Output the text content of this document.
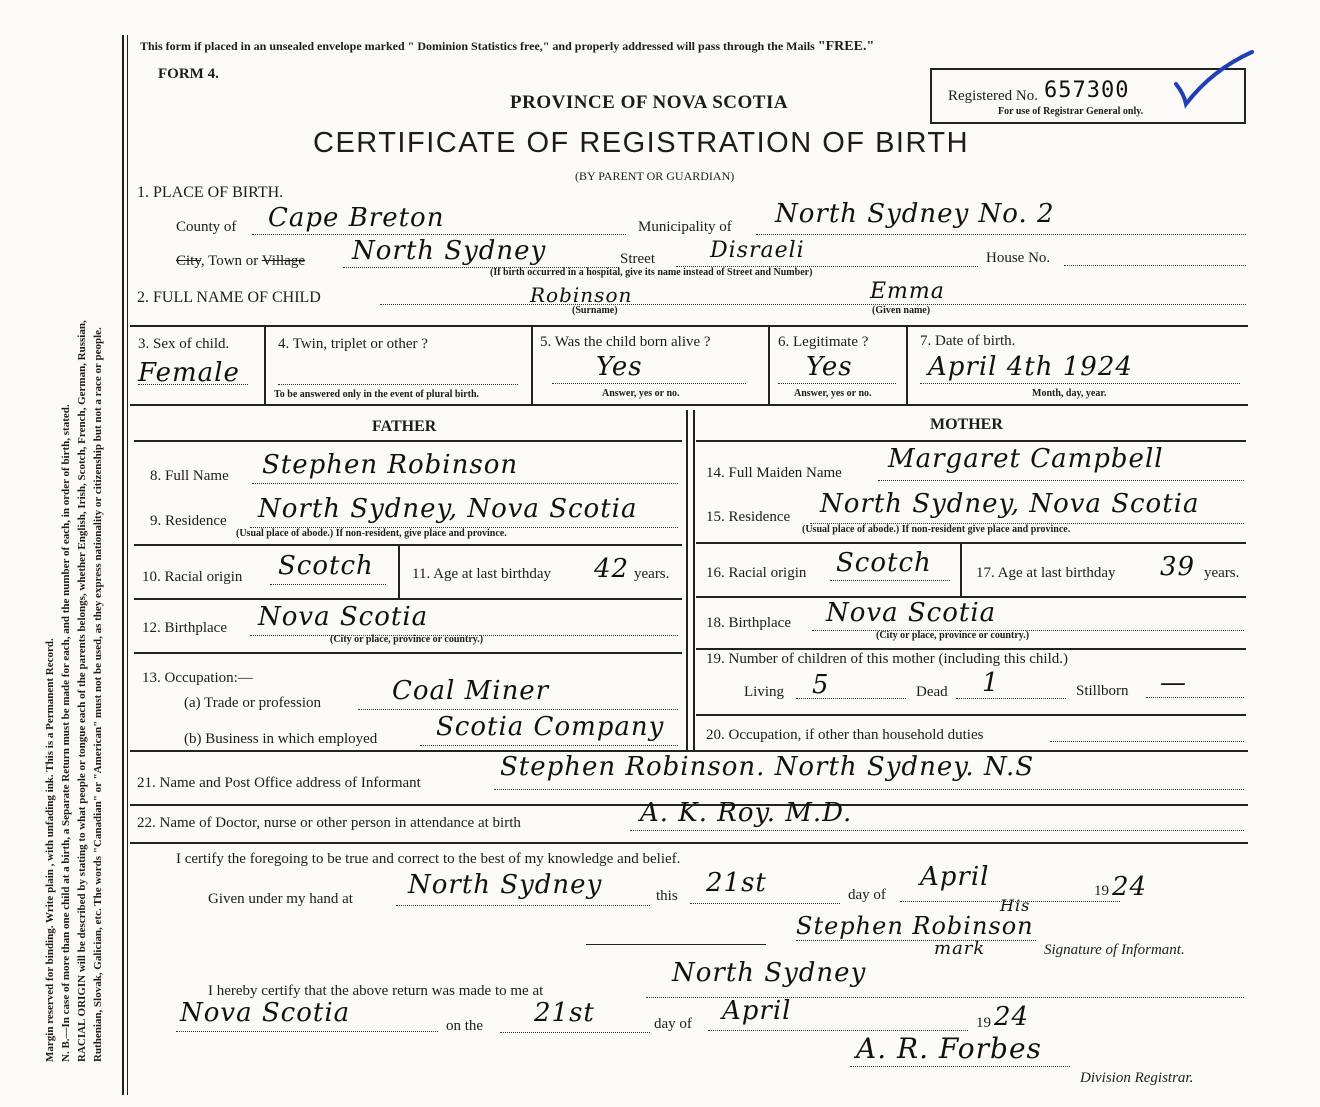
Margin reserved for binding. Write plain , with unfading ink. This is a Permanent Record. N. B.—In case of more than one child at a birth, a Separate Return must be made for each, and the number of each, in order of birth, stated. RACIAL ORIGIN will be described by stating to what people or tongue each of the parents belongs, whether English, Irish, Scotch, French, German, Russian, Ruthenian, Slovak, Galician, etc. The words "Canadian" or "American" must not be used, as they express nationality or citizenship but not a race or people.
This form if placed in an unsealed envelope marked " Dominion Statistics free," and properly addressed will pass through the Mails "FREE."
FORM 4.
Registered No. 657300
For use of Registrar General only.
PROVINCE OF NOVA SCOTIA
CERTIFICATE OF REGISTRATION OF BIRTH
(BY PARENT OR GUARDIAN)
1. PLACE OF BIRTH.
County of Cape Breton	Municipality of North Sydney No. 2
City, Town or Village North Sydney	Street	Disraeli
(If birth occurred in a hospital, give its name instead of Street and Number)
House No.
2. FULL NAME OF CHILD	Robinson	Emma
(Surname)	(Given name)
3. Sex of child.
Female
4. Twin, triplet or other ?
To be answered only in the event of plural birth.
5. Was the child born alive ?
Yes
Answer, yes or no.
6. Legitimate ?
Yes
Answer, yes or no.
7. Date of birth.
April 4th 1924
Month, day, year.
FATHER	MOTHER
8. Full Name Stephen Robinson
9. Residence North Sydney, Nova Scotia
(Usual place of abode.) If non-resident, give place and province.
10. Racial origin Scotch	11. Age at last birthday 42 years.
12. Birthplace Nova Scotia
(City or place, province or country.)
13. Occupation:—
(a) Trade or profession	Coal Miner
(b) Business in which employed Scotia Company
14. Full Maiden Name Margaret Campbell
15. Residence North Sydney, Nova Scotia
(Usual place of abode.) If non-resident give place and province.
16. Racial origin Scotch	17. Age at last birthday 39 years.
18. Birthplace Nova Scotia
(City or place, province or country.)
19. Number of children of this mother (including this child.)
Living 5	Dead 1	Stillborn —
20. Occupation, if other than household duties
21. Name and Post Office address of Informant
Stephen Robinson. North Sydney. N.S
22. Name of Doctor, nurse or other person in attendance at birth	A. K. Roy. M.D.
I certify the foregoing to be true and correct to the best of my knowledge and belief.
Given under my hand at North Sydney	this 21st	day of
April	19 24
His
Stephen Robinson
mark	Signature of Informant.
I hereby certify that the above return was made to me at
North Sydney
Nova Scotia	on the 21st	day of April	19 24
A. R. Forbes
Division Registrar.
